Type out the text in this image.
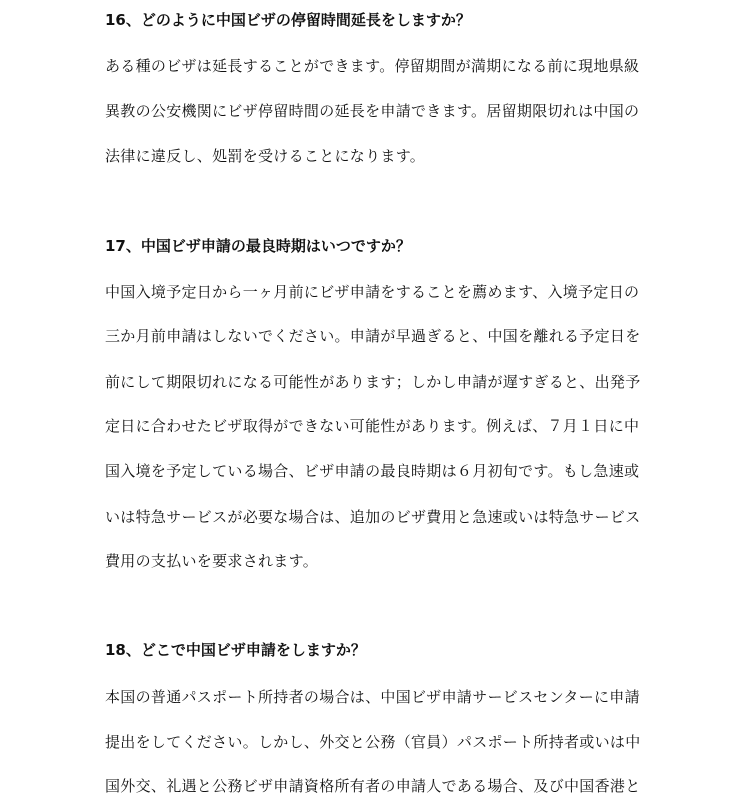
16、どのように中国ビザの停留時間延長をしますか？
ある種のビザは延長することができます。停留期間が満期になる前に現地県級
異教の公安機関にビザ停留時間の延長を申請できます。居留期限切れは中国の
法律に違反し、処罰を受けることになります。
17、中国ビザ申請の最良時期はいつですか？
中国入境予定日から一ヶ月前にビザ申請をすることを薦めます、入境予定日の
三か月前申請はしないでください。申請が早過ぎると、中国を離れる予定日を
前にして期限切れになる可能性があります；しかし申請が遅すぎると、出発予
定日に合わせたビザ取得ができない可能性があります。例えば、７月１日に中
国入境を予定している場合、ビザ申請の最良時期は６月初旬です。もし急速或
いは特急サービスが必要な場合は、追加のビザ費用と急速或いは特急サービス
費用の支払いを要求されます。
18、どこで中国ビザ申請をしますか？
本国の普通パスポート所持者の場合は、中国ビザ申請サービスセンターに申請
提出をしてください。しかし、外交と公務（官員）パスポート所持者或いは中
国外交、礼遇と公務ビザ申請資格所有者の申請人である場合、及び中国香港と
